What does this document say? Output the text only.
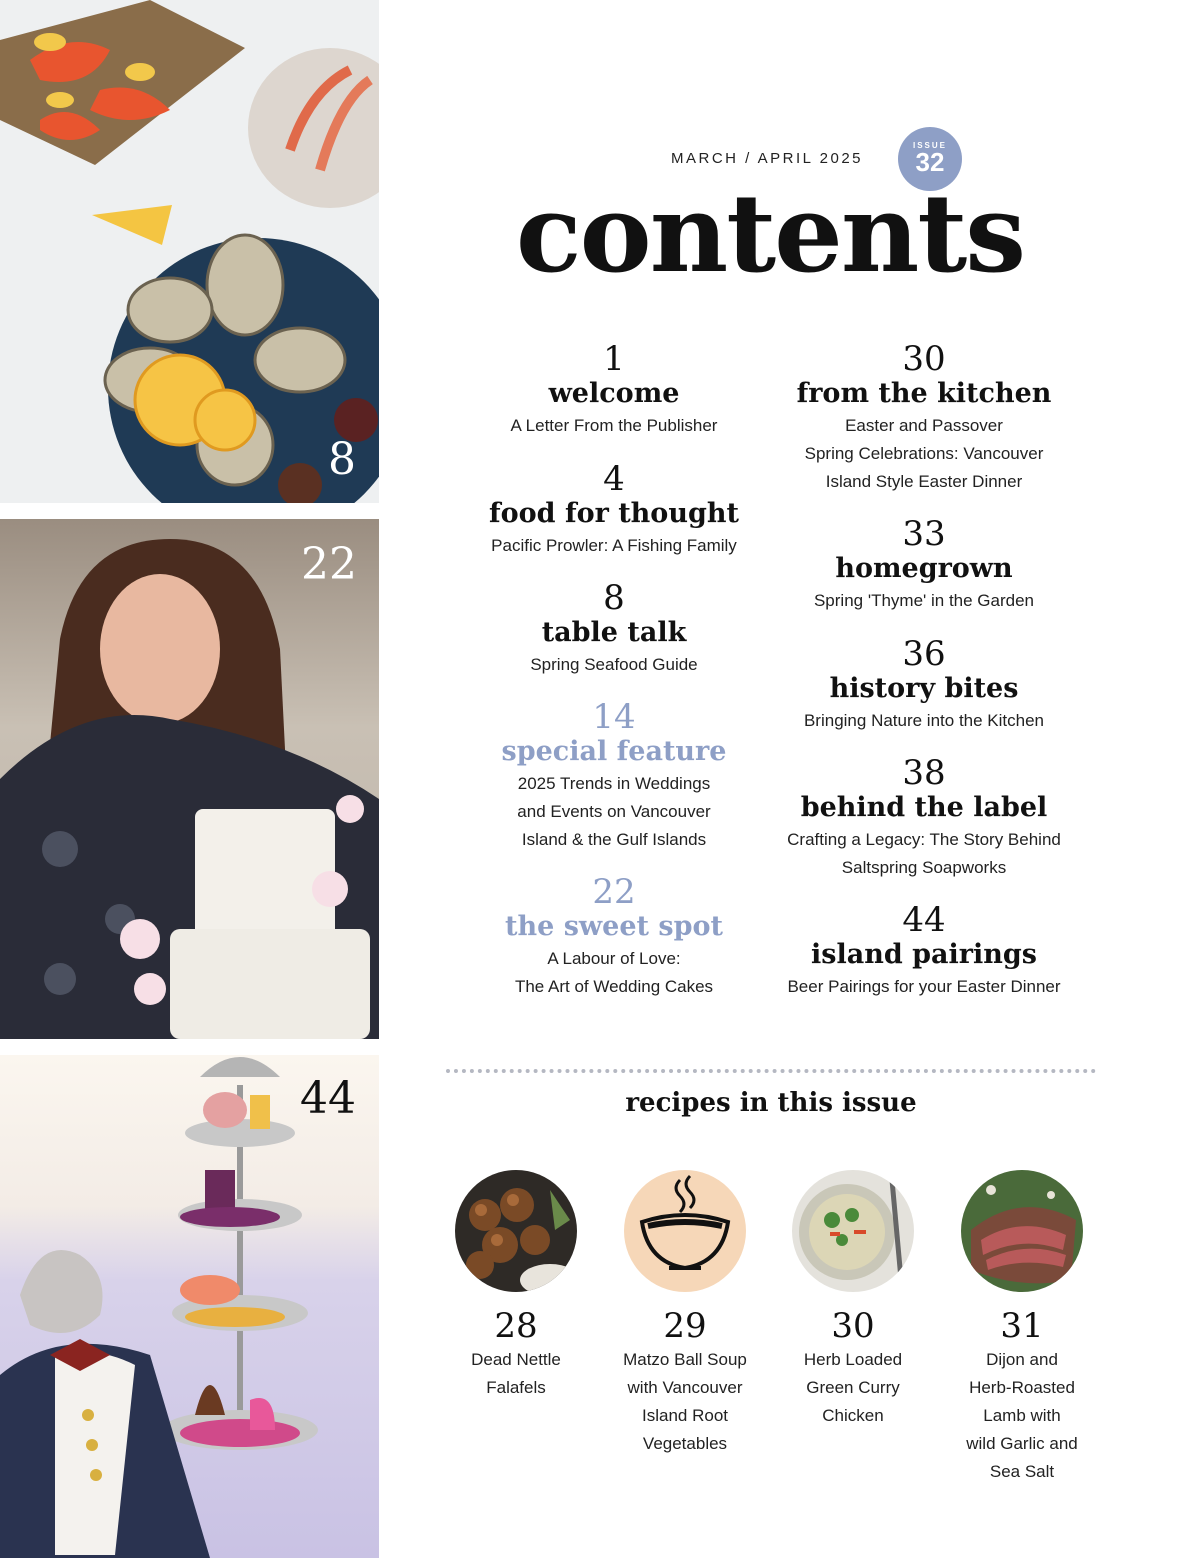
8
22
44
MARCH / APRIL 2025
ISSUE
32
contents
1
welcome
A Letter From the Publisher
4
food for thought
Pacific Prowler: A Fishing Family
8
table talk
Spring Seafood Guide
14
special feature
2025 Trends in Weddings
and Events on Vancouver
Island & the Gulf Islands
22
the sweet spot
A Labour of Love:
The Art of Wedding Cakes
30
from the kitchen
Easter and Passover
Spring Celebrations: Vancouver
Island Style Easter Dinner
33
homegrown
Spring 'Thyme' in the Garden
36
history bites
Bringing Nature into the Kitchen
38
behind the label
Crafting a Legacy: The Story Behind
Saltspring Soapworks
44
island pairings
Beer Pairings for your Easter Dinner
recipes in this issue
28
Dead Nettle
Falafels
29
Matzo Ball Soup
with Vancouver
Island Root
Vegetables
30
Herb Loaded
Green Curry
Chicken
31
Dijon and
Herb-Roasted
Lamb with
wild Garlic and
Sea Salt
